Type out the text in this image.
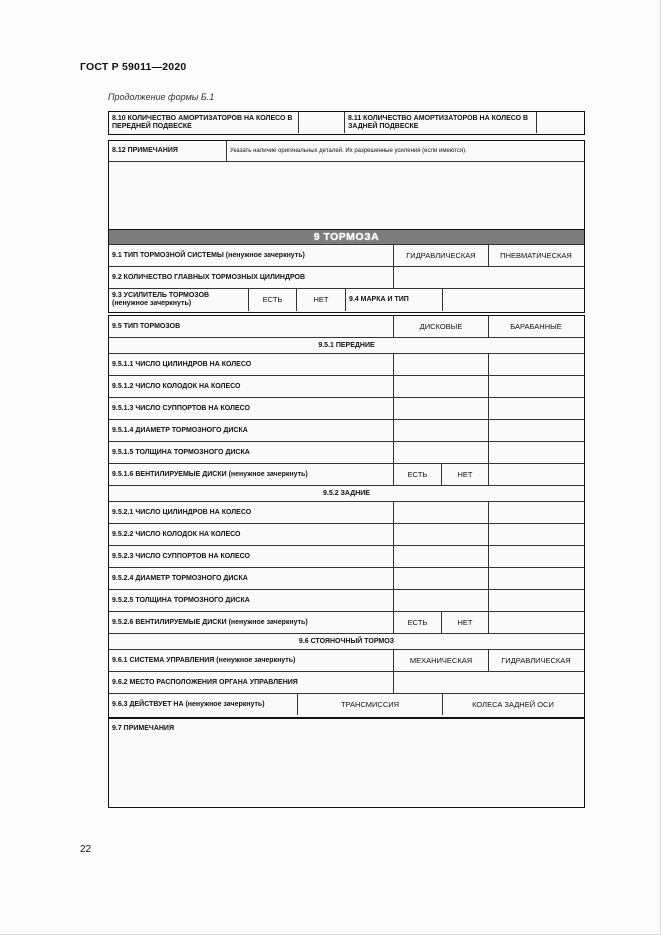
ГОСТ Р 59011—2020
Продолжение формы Б.1
8.10 КОЛИЧЕСТВО АМОРТИЗАТОРОВ НА КОЛЕСО В ПЕРЕДНЕЙ ПОДВЕСКЕ
8.11 КОЛИЧЕСТВО АМОРТИЗАТОРОВ НА КОЛЕСО В ЗАДНЕЙ ПОДВЕСКЕ
8.12 ПРИМЕЧАНИЯ	Указать наличие оригинальных деталей. Их разрешенные усиления (если имеются).
9 ТОРМОЗА
9.1 ТИП ТОРМОЗНОЙ СИСТЕМЫ (ненужное зачеркнуть)	ГИДРАВЛИЧЕСКАЯ	ПНЕВМАТИЧЕСКАЯ
9.2 КОЛИЧЕСТВО ГЛАВНЫХ ТОРМОЗНЫХ ЦИЛИНДРОВ
9.3 УСИЛИТЕЛЬ ТОРМОЗОВ (ненужное зачеркнуть)	ЕСТЬ	НЕТ	9.4 МАРКА И ТИП
9.5 ТИП ТОРМОЗОВ	ДИСКОВЫЕ	БАРАБАННЫЕ
9.5.1 ПЕРЕДНИЕ
9.5.1.1 ЧИСЛО ЦИЛИНДРОВ НА КОЛЕСО
9.5.1.2 ЧИСЛО КОЛОДОК НА КОЛЕСО
9.5.1.3 ЧИСЛО СУППОРТОВ НА КОЛЕСО
9.5.1.4 ДИАМЕТР ТОРМОЗНОГО ДИСКА
9.5.1.5 ТОЛЩИНА ТОРМОЗНОГО ДИСКА
9.5.1.6 ВЕНТИЛИРУЕМЫЕ ДИСКИ (ненужное зачеркнуть)	ЕСТЬ	НЕТ
9.5.2 ЗАДНИЕ
9.5.2.1 ЧИСЛО ЦИЛИНДРОВ НА КОЛЕСО
9.5.2.2 ЧИСЛО КОЛОДОК НА КОЛЕСО
9.5.2.3 ЧИСЛО СУППОРТОВ НА КОЛЕСО
9.5.2.4 ДИАМЕТР ТОРМОЗНОГО ДИСКА
9.5.2.5 ТОЛЩИНА ТОРМОЗНОГО ДИСКА
9.5.2.6 ВЕНТИЛИРУЕМЫЕ ДИСКИ (ненужное зачеркнуть)	ЕСТЬ	НЕТ
9.6 СТОЯНОЧНЫЙ ТОРМОЗ
9.6.1 СИСТЕМА УПРАВЛЕНИЯ (ненужное зачеркнуть)	МЕХАНИЧЕСКАЯ	ГИДРАВЛИЧЕСКАЯ
9.6.2 МЕСТО РАСПОЛОЖЕНИЯ ОРГАНА УПРАВЛЕНИЯ
9.6.3 ДЕЙСТВУЕТ НА (ненужное зачеркнуть)	ТРАНСМИССИЯ	КОЛЕСА ЗАДНЕЙ ОСИ
9.7 ПРИМЕЧАНИЯ
22
